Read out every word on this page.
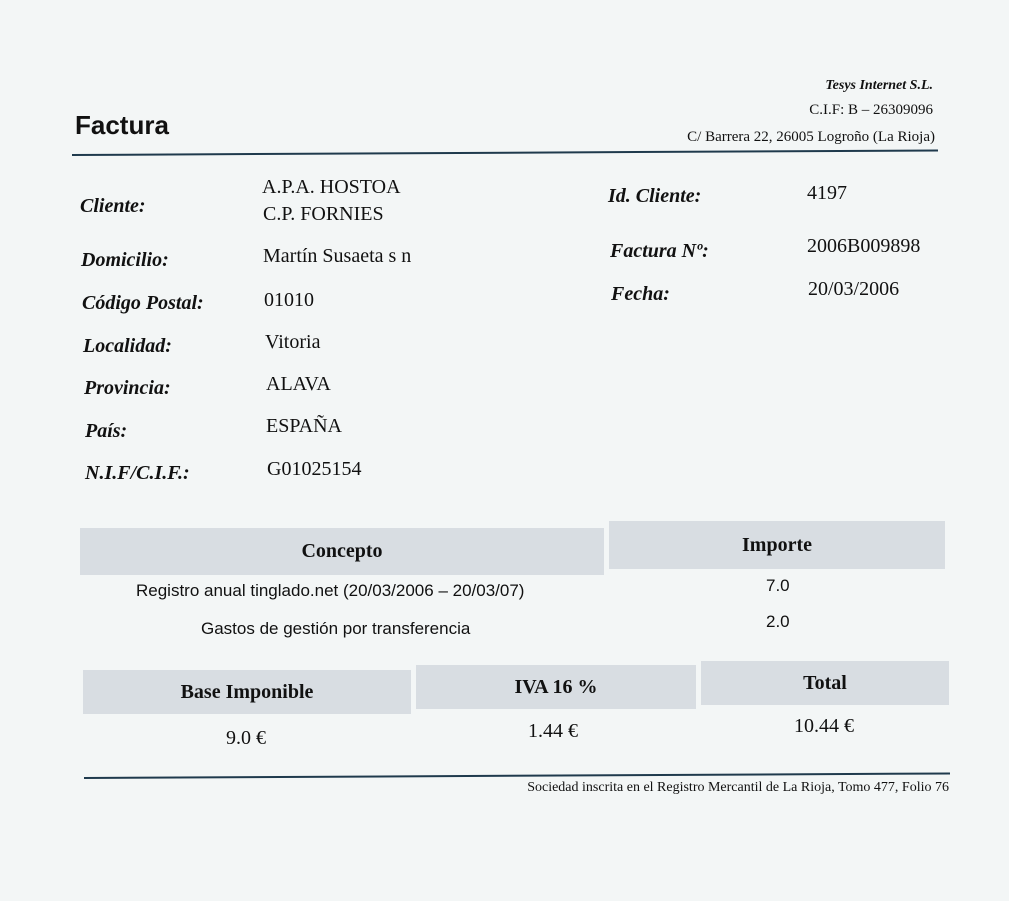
Factura
Tesys Internet S.L.
C.I.F: B – 26309096
C/ Barrera 22, 26005 Logroño (La Rioja)
Cliente:
A.P.A. HOSTOA
C.P. FORNIES
Domicilio:	Martín Susaeta s n
Código Postal:	01010
Localidad:	Vitoria
Provincia:	ALAVA
País:	ESPAÑA
N.I.F/C.I.F.:	G01025154
Id. Cliente:	4197
Factura Nº:	2006B009898
Fecha:	20/03/2006
Concepto	Importe
Registro anual tinglado.net (20/03/2006 – 20/03/07)	7.0
Gastos de gestión por transferencia	2.0
Base Imponible	IVA 16 %	Total
9.0 €	1.44 €	10.44 €
Sociedad inscrita en el Registro Mercantil de La Rioja, Tomo 477, Folio 76
